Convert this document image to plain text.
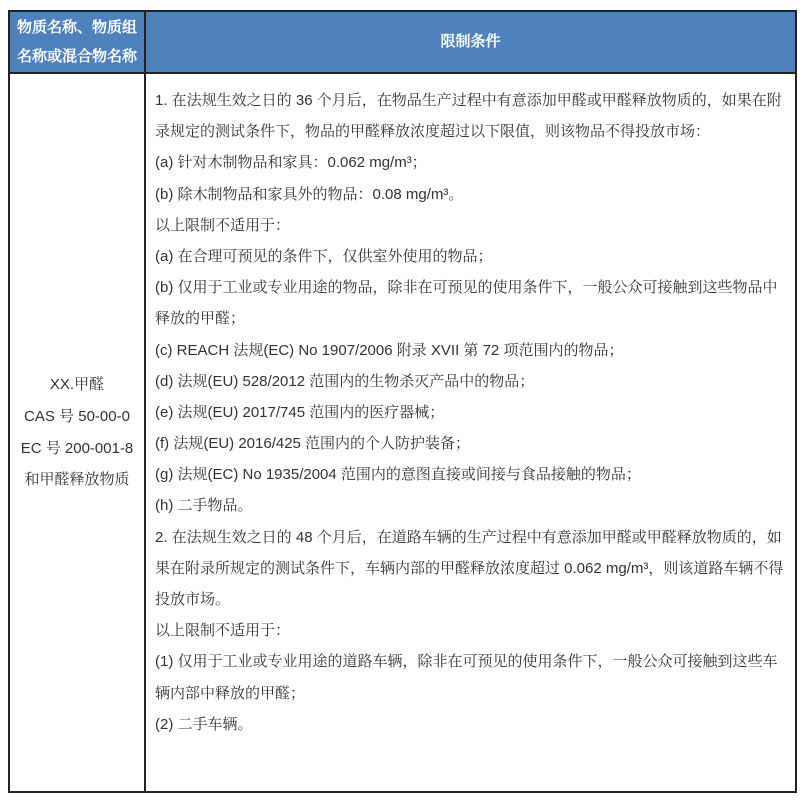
物质名称、物质组
名称或混合物名称
限制条件
XX.甲醛
CAS 号 50-00-0
EC 号 200-001-8
和甲醛释放物质

1. 在法规生效之日的 36 个月后，在物品生产过程中有意添加甲醛或甲醛释放物质的，如果在附录规定的测试条件下，物品的甲醛释放浓度超过以下限值，则该物品不得投放市场：

(a) 针对木制物品和家具：0.062 mg/m³；

(b) 除木制物品和家具外的物品：0.08 mg/m³。

以上限制不适用于：

(a) 在合理可预见的条件下，仅供室外使用的物品；

(b) 仅用于工业或专业用途的物品，除非在可预见的使用条件下，一般公众可接触到这些物品中释放的甲醛；

(c) REACH 法规(EC) No 1907/2006 附录 XVII 第 72 项范围内的物品；

(d) 法规(EU) 528/2012 范围内的生物杀灭产品中的物品；

(e) 法规(EU) 2017/745 范围内的医疗器械；

(f) 法规(EU) 2016/425 范围内的个人防护装备；

(g) 法规(EC) No 1935/2004 范围内的意图直接或间接与食品接触的物品；

(h) 二手物品。

2. 在法规生效之日的 48 个月后，在道路车辆的生产过程中有意添加甲醛或甲醛释放物质的，如果在附录所规定的测试条件下，车辆内部的甲醛释放浓度超过 0.062 mg/m³，则该道路车辆不得投放市场。

以上限制不适用于：

(1) 仅用于工业或专业用途的道路车辆，除非在可预见的使用条件下，一般公众可接触到这些车辆内部中释放的甲醛；

(2) 二手车辆。
